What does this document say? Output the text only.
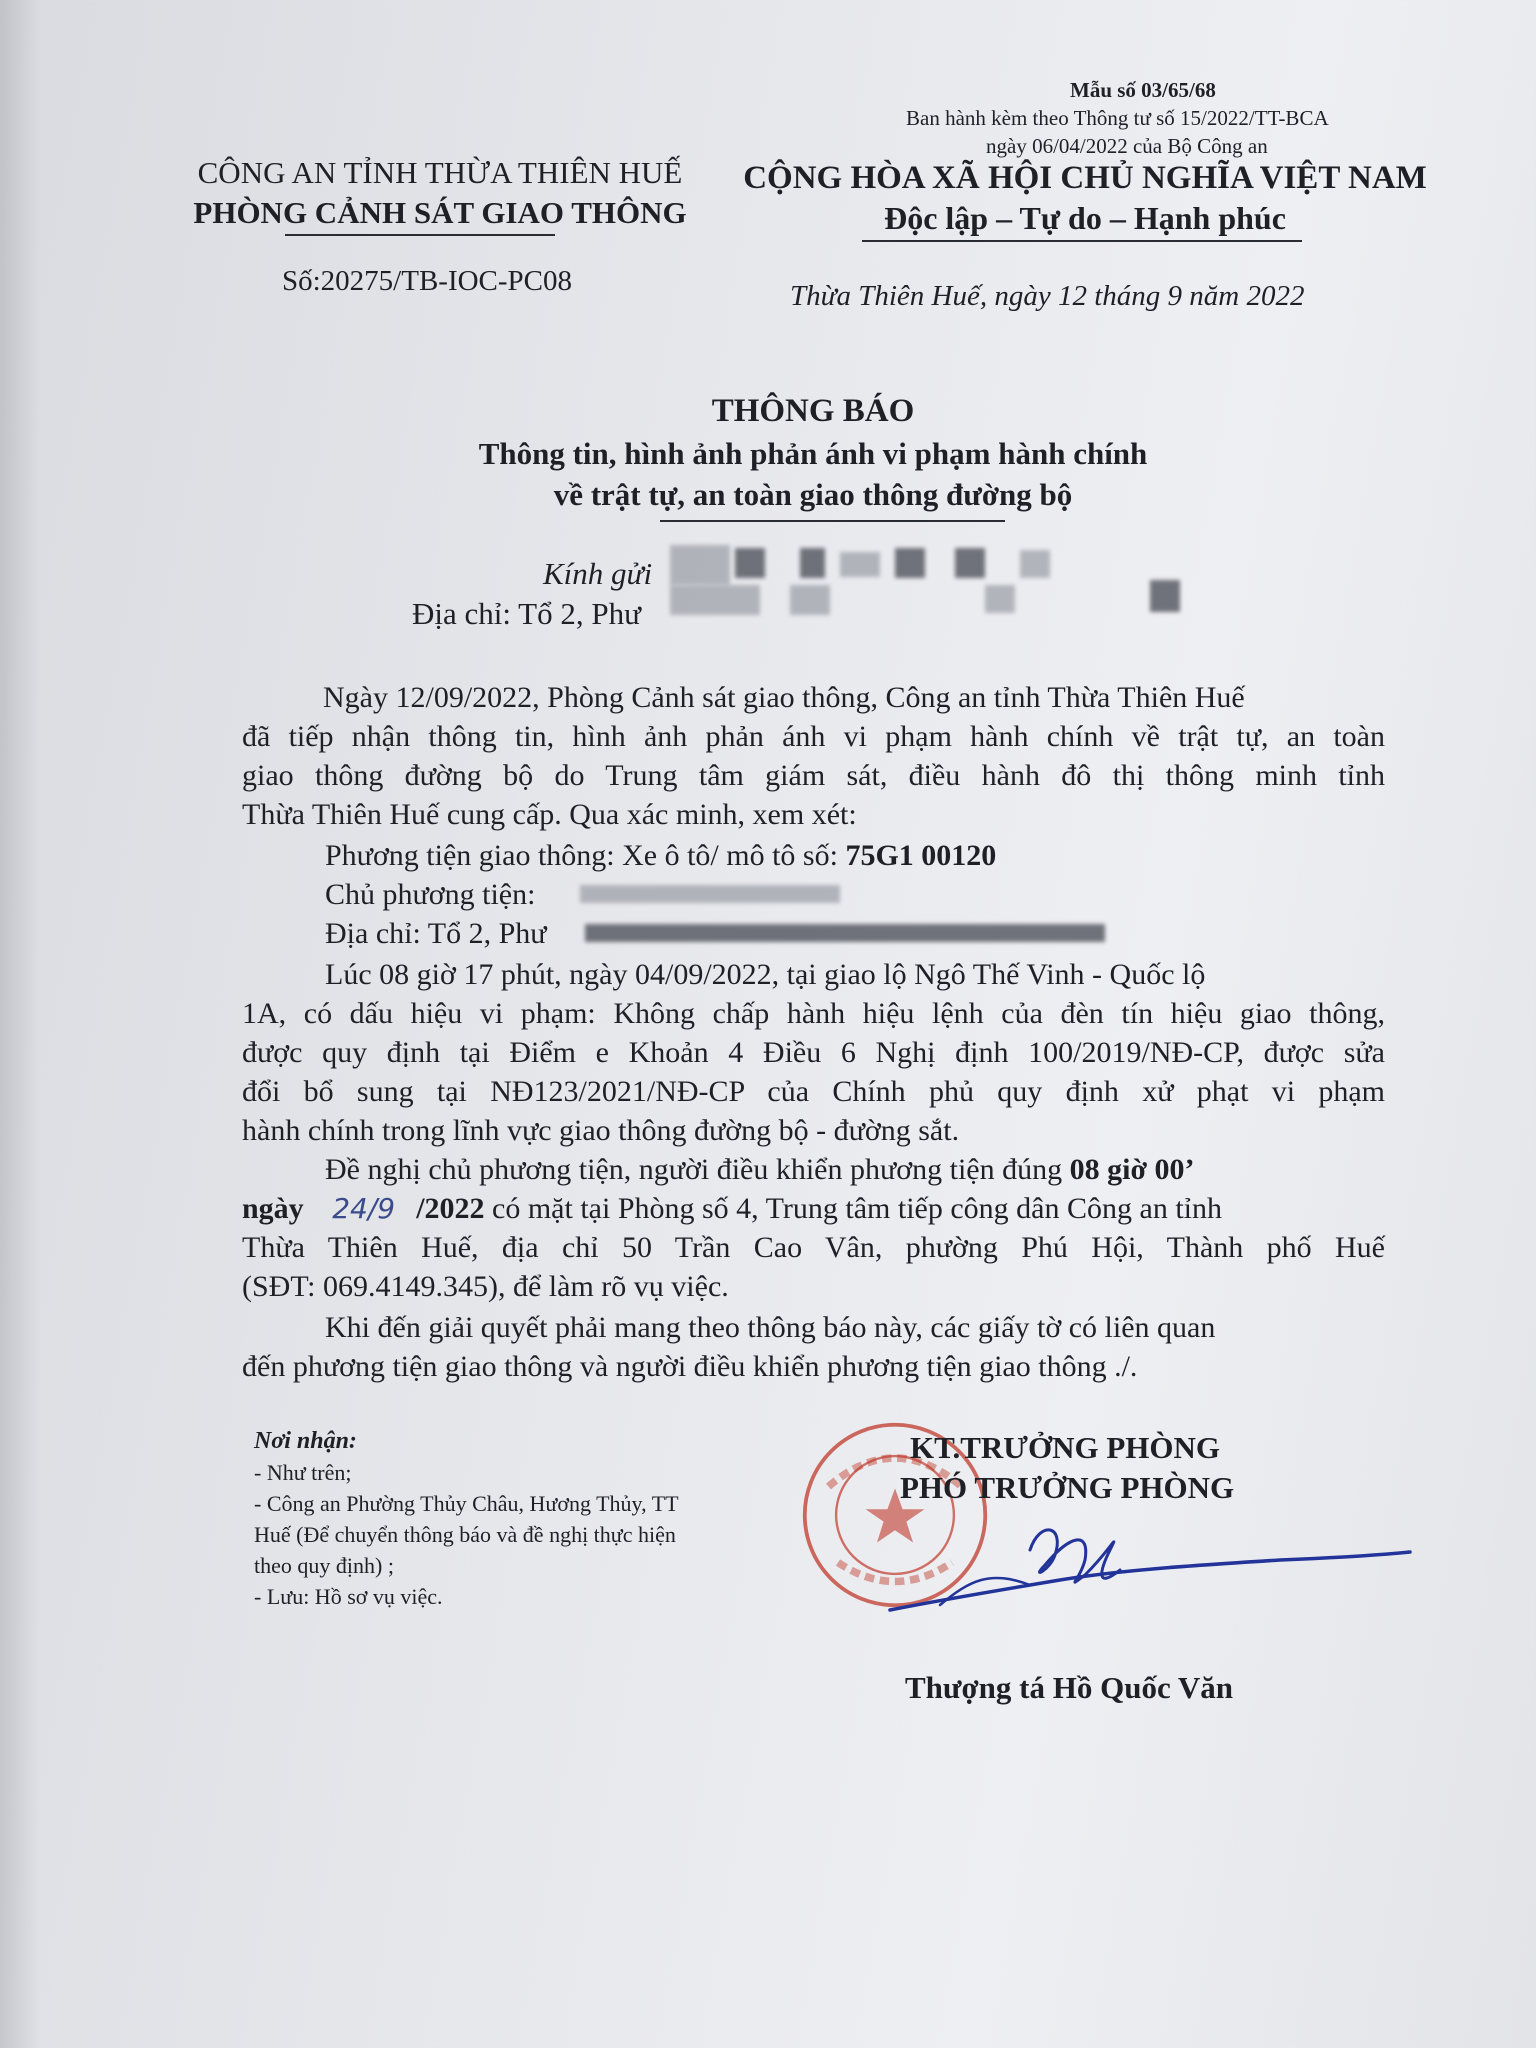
Mẫu số 03/65/68
Ban hành kèm theo Thông tư số 15/2022/TT-BCA
ngày 06/04/2022 của Bộ Công an
CÔNG AN TỈNH THỪA THIÊN HUẾ
PHÒNG CẢNH SÁT GIAO THÔNG
Số:20275/TB-IOC-PC08
CỘNG HÒA XÃ HỘI CHỦ NGHĨA VIỆT NAM
Độc lập – Tự do – Hạnh phúc
Thừa Thiên Huế, ngày 12 tháng 9 năm 2022
THÔNG BÁO
Thông tin, hình ảnh phản ánh vi phạm hành chính
về trật tự, an toàn giao thông đường bộ
Kính gửi
Địa chỉ: Tổ 2, Phư
Ngày 12/09/2022, Phòng Cảnh sát giao thông, Công an tỉnh Thừa Thiên Huế
đã tiếp nhận thông tin, hình ảnh phản ánh vi phạm hành chính về trật tự, an toàn
giao thông đường bộ do Trung tâm giám sát, điều hành đô thị thông minh tỉnh
Thừa Thiên Huế cung cấp. Qua xác minh, xem xét:
Phương tiện giao thông: Xe ô tô/ mô tô số: 75G1 00120
Chủ phương tiện:
Địa chỉ: Tổ 2, Phư
Lúc 08 giờ 17 phút, ngày 04/09/2022, tại giao lộ Ngô Thế Vinh - Quốc lộ
1A, có dấu hiệu vi phạm: Không chấp hành hiệu lệnh của đèn tín hiệu giao thông,
được quy định tại Điểm e Khoản 4 Điều 6 Nghị định 100/2019/NĐ-CP, được sửa
đổi bổ sung tại NĐ123/2021/NĐ-CP của Chính phủ quy định xử phạt vi phạm
hành chính trong lĩnh vực giao thông đường bộ - đường sắt.
Đề nghị chủ phương tiện, người điều khiển phương tiện đúng 08 giờ 00’
ngày 24/9 /2022 có mặt tại Phòng số 4, Trung tâm tiếp công dân Công an tỉnh
Thừa Thiên Huế, địa chỉ 50 Trần Cao Vân, phường Phú Hội, Thành phố Huế
(SĐT: 069.4149.345), để làm rõ vụ việc.
Khi đến giải quyết phải mang theo thông báo này, các giấy tờ có liên quan
đến phương tiện giao thông và người điều khiển phương tiện giao thông ./.
Nơi nhận:
- Như trên;
- Công an Phường Thủy Châu, Hương Thủy, TT
Huế (Để chuyển thông báo và đề nghị thực hiện
theo quy định) ;
- Lưu: Hồ sơ vụ việc.
KT.TRƯỞNG PHÒNG
PHÓ TRƯỞNG PHÒNG
Thượng tá Hồ Quốc Văn
